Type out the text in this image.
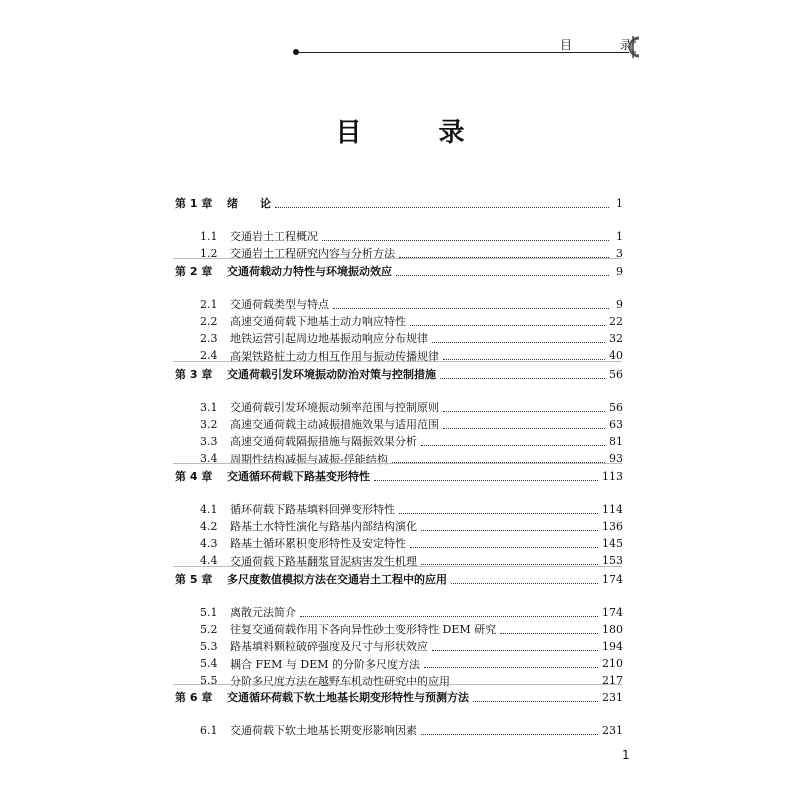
目 录
目 录
第 1 章	绪　　论	1
1.1	交通岩土工程概况	1
1.2	交通岩土工程研究内容与分析方法	3
第 2 章	交通荷载动力特性与环境振动效应	9
2.1	交通荷载类型与特点	9
2.2	高速交通荷载下地基土动力响应特性	22
2.3	地铁运营引起周边地基振动响应分布规律	32
2.4	高架铁路桩土动力相互作用与振动传播规律	40
第 3 章	交通荷载引发环境振动防治对策与控制措施	56
3.1	交通荷载引发环境振动频率范围与控制原则	56
3.2	高速交通荷载主动减振措施效果与适用范围	63
3.3	高速交通荷载隔振措施与隔振效果分析	81
3.4	周期性结构减振与减振-俘能结构	93
第 4 章	交通循环荷载下路基变形特性	113
4.1	循环荷载下路基填料回弹变形特性	114
4.2	路基土水特性演化与路基内部结构演化	136
4.3	路基土循环累积变形特性及安定特性	145
4.4	交通荷载下路基翻浆冒泥病害发生机理	153
第 5 章	多尺度数值模拟方法在交通岩土工程中的应用	174
5.1	离散元法简介	174
5.2	往复交通荷载作用下各向异性砂土变形特性 DEM 研究	180
5.3	路基填料颗粒破碎强度及尺寸与形状效应	194
5.4	耦合 FEM 与 DEM 的分阶多尺度方法	210
5.5	分阶多尺度方法在越野车机动性研究中的应用	217
第 6 章	交通循环荷载下软土地基长期变形特性与预测方法	231
6.1	交通荷载下软土地基长期变形影响因素	231
1
